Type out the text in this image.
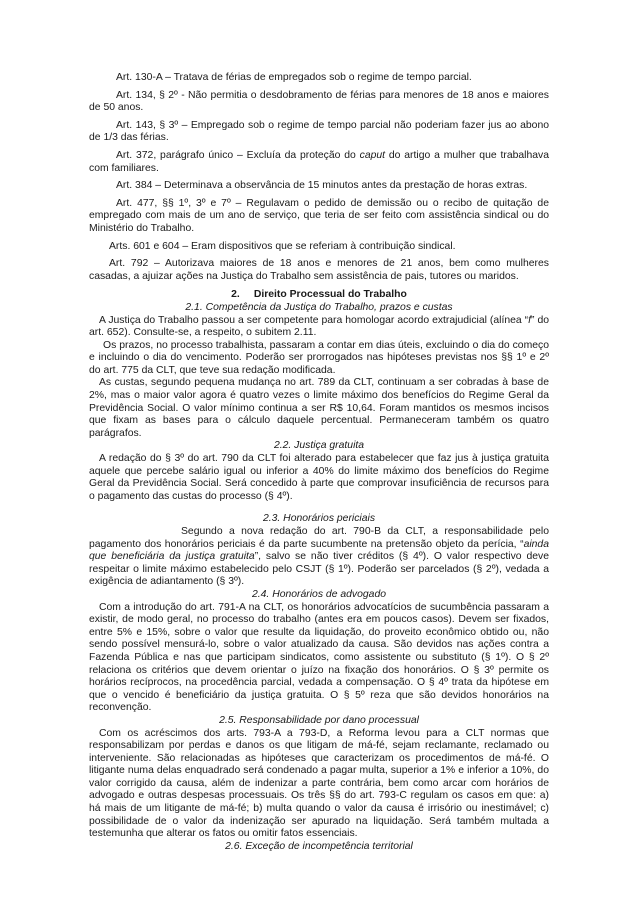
Art. 130-A – Tratava de férias de empregados sob o regime de tempo parcial.

Art. 134, § 2º - Não permitia o desdobramento de férias para menores de 18 anos e maiores de 50 anos.

Art. 143, § 3º – Empregado sob o regime de tempo parcial não poderiam fazer jus ao abono de 1/3 das férias.

Art. 372, parágrafo único – Excluía da proteção do caput do artigo a mulher que trabalhava com familiares.

Art. 384 – Determinava a observância de 15 minutos antes da prestação de horas extras.

Art. 477, §§ 1º, 3º e 7º – Regulavam o pedido de demissão ou o recibo de quitação de empregado com mais de um ano de serviço, que teria de ser feito com assistência sindical ou do Ministério do Trabalho.

Arts. 601 e 604 – Eram dispositivos que se referiam à contribuição sindical.

Art. 792 – Autorizava maiores de 18 anos e menores de 21 anos, bem como mulheres casadas, a ajuizar ações na Justiça do Trabalho sem assistência de pais, tutores ou maridos.

2. Direito Processual do Trabalho

2.1. Competência da Justiça do Trabalho, prazos e custas

A Justiça do Trabalho passou a ser competente para homologar acordo extrajudicial (alínea “f” do art. 652). Consulte-se, a respeito, o subitem 2.11.

Os prazos, no processo trabalhista, passaram a contar em dias úteis, excluindo o dia do começo e incluindo o dia do vencimento. Poderão ser prorrogados nas hipóteses previstas nos §§ 1º e 2º do art. 775 da CLT, que teve sua redação modificada.

As custas, segundo pequena mudança no art. 789 da CLT, continuam a ser cobradas à base de 2%, mas o maior valor agora é quatro vezes o limite máximo dos benefícios do Regime Geral da Previdência Social. O valor mínimo continua a ser R$ 10,64. Foram mantidos os mesmos incisos que fixam as bases para o cálculo daquele percentual. Permaneceram também os quatro parágrafos.

2.2. Justiça gratuita

A redação do § 3º do art. 790 da CLT foi alterado para estabelecer que faz jus à justiça gratuita aquele que percebe salário igual ou inferior a 40% do limite máximo dos benefícios do Regime Geral da Previdência Social. Será concedido à parte que comprovar insuficiência de recursos para o pagamento das custas do processo (§ 4º).

2.3. Honorários periciais

Segundo a nova redação do art. 790-B da CLT, a responsabilidade pelo pagamento dos honorários periciais é da parte sucumbente na pretensão objeto da perícia, “ainda que beneficiária da justiça gratuita”, salvo se não tiver créditos (§ 4º). O valor respectivo deve respeitar o limite máximo estabelecido pelo CSJT (§ 1º). Poderão ser parcelados (§ 2º), vedada a exigência de adiantamento (§ 3º).

2.4. Honorários de advogado

Com a introdução do art. 791-A na CLT, os honorários advocatícios de sucumbência passaram a existir, de modo geral, no processo do trabalho (antes era em poucos casos). Devem ser fixados, entre 5% e 15%, sobre o valor que resulte da liquidação, do proveito econômico obtido ou, não sendo possível mensurá-lo, sobre o valor atualizado da causa. São devidos nas ações contra a Fazenda Pública e nas que participam sindicatos, como assistente ou substituto (§ 1º). O § 2º relaciona os critérios que devem orientar o juízo na fixação dos honorários. O § 3º permite os horários recíprocos, na procedência parcial, vedada a compensação. O § 4º trata da hipótese em que o vencido é beneficiário da justiça gratuita. O § 5º reza que são devidos honorários na reconvenção.

2.5. Responsabilidade por dano processual

Com os acréscimos dos arts. 793-A a 793-D, a Reforma levou para a CLT normas que responsabilizam por perdas e danos os que litigam de má-fé, sejam reclamante, reclamado ou interveniente. São relacionadas as hipóteses que caracterizam os procedimentos de má-fé. O litigante numa delas enquadrado será condenado a pagar multa, superior a 1% e inferior a 10%, do valor corrigido da causa, além de indenizar a parte contrária, bem como arcar com horários de advogado e outras despesas processuais. Os três §§ do art. 793-C regulam os casos em que: a) há mais de um litigante de má-fé; b) multa quando o valor da causa é irrisório ou inestimável; c) possibilidade de o valor da indenização ser apurado na liquidação. Será também multada a testemunha que alterar os fatos ou omitir fatos essenciais.

2.6. Exceção de incompetência territorial
